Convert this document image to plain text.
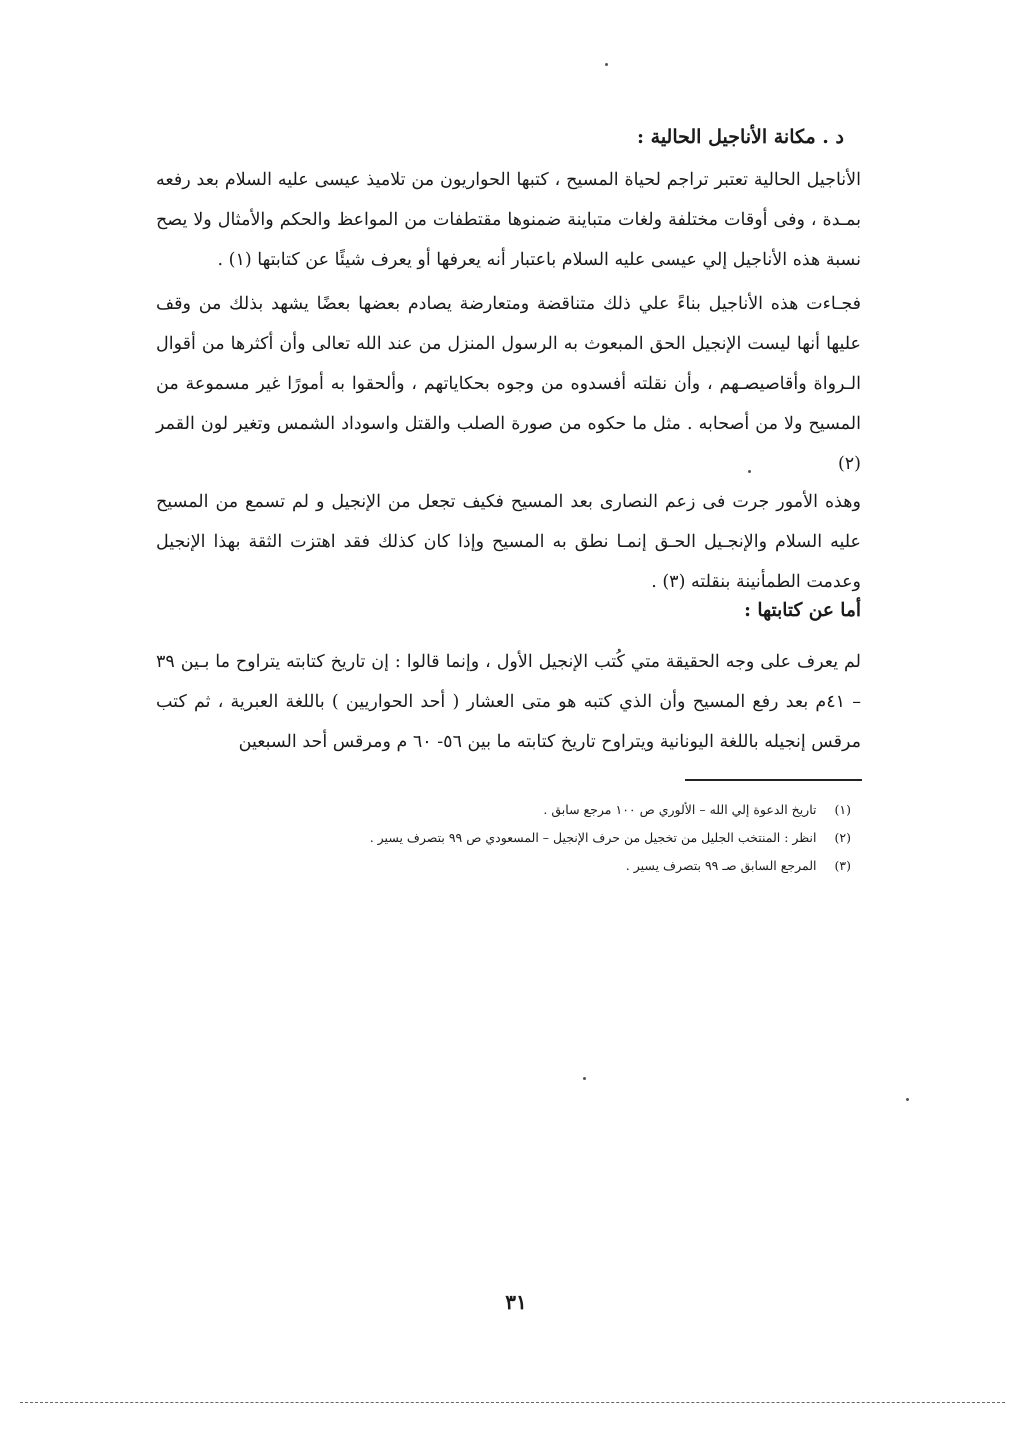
د . مكانة الأناجيل الحالية :
الأناجيل الحالية تعتبر تراجم لحياة المسيح ، كتبها الحواريون من تلاميذ عيسى عليه السلام بعد رفعه بمـدة ، وفى أوقات مختلفة ولغات متباينة ضمنوها مقتطفات من المواعظ والحكم والأمثال ولا يصح نسبة هذه الأناجيل إلي عيسى عليه السلام باعتبار أنه يعرفها أو يعرف شيئًا عن كتابتها (١) .
فجـاءت هذه الأناجيل بناءً علي ذلك متناقضة ومتعارضة يصادم بعضها بعضًا يشهد بذلك من وقف عليها أنها ليست الإنجيل الحق المبعوث به الرسول المنزل من عند الله تعالى وأن أكثرها من أقوال الـرواة وأقاصيصـهم ، وأن نقلته أفسدوه من وجوه بحكاياتهم ، وألحقوا به أمورًا غير مسموعة من المسيح ولا من أصحابه . مثل ما حكوه من صورة الصلب والقتل واسوداد الشمس وتغير لون القمر (٢)
وهذه الأمور جرت فى زعم النصارى بعد المسيح فكيف تجعل من الإنجيل و لم تسمع من المسيح عليه السلام والإنجـيل الحـق إنمـا نطق به المسيح وإذا كان كذلك فقد اهتزت الثقة بهذا الإنجيل وعدمت الطمأنينة بنقلته (٣) .
أما عن كتابتها :
لم يعرف على وجه الحقيقة متي كُتب الإنجيل الأول ، وإنما قالوا : إن تاريخ كتابته يتراوح ما بـين ٣٩ – ٤١م بعد رفع المسيح وأن الذي كتبه هو متى العشار ( أحد الحواريين ) باللغة العبرية ، ثم كتب مرقس إنجيله باللغة اليونانية ويتراوح تاريخ كتابته ما بين ٥٦- ٦٠ م ومرقس أحد السبعين
(١) تاريخ الدعوة إلي الله – الألوري ص ١٠٠ مرجع سابق .
(٢) انظر : المنتخب الجليل من تخجيل من حرف الإنجيل – المسعودي ص ٩٩ بتصرف يسير .
(٣) المرجع السابق صـ ٩٩ بتصرف يسير .
٣١
